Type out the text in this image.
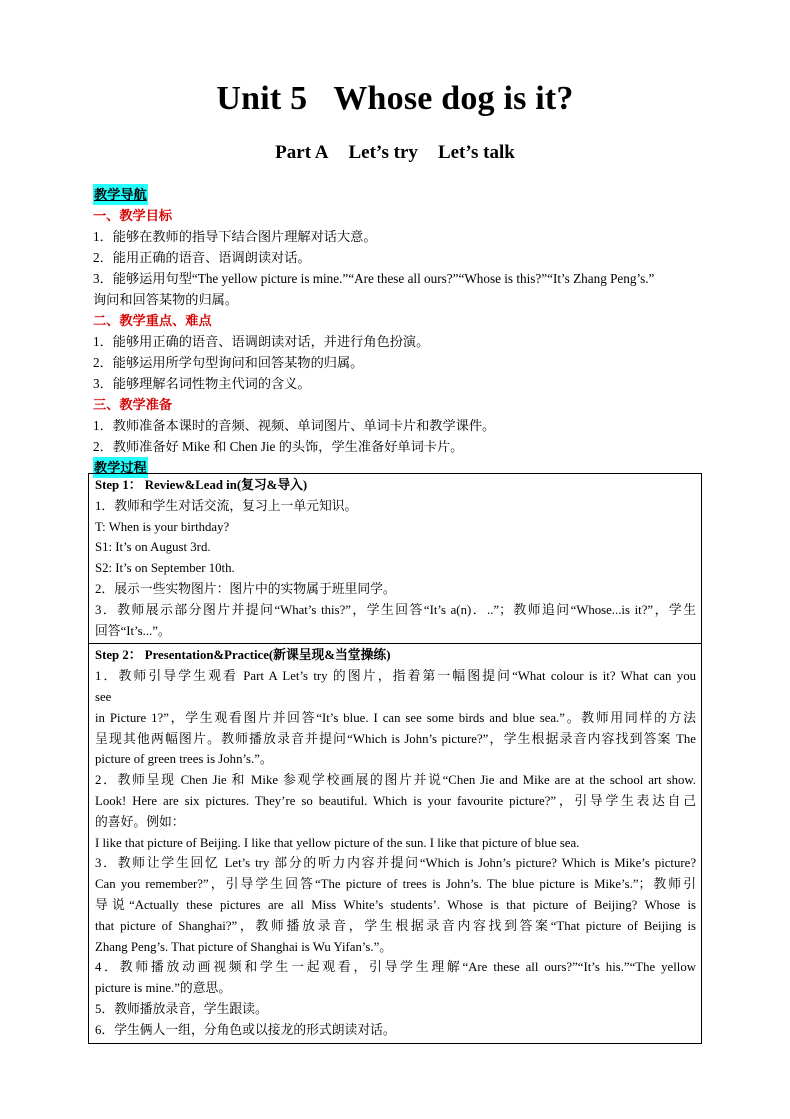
Unit 5 Whose dog is it?
Part A Let’s try Let’s talk
教学导航
一、教学目标
1．能够在教师的指导下结合图片理解对话大意。
2．能用正确的语音、语调朗读对话。
3．能够运用句型“The yellow picture is mine.”“Are these all ours?”“Whose is this?”“It’s Zhang Peng’s.”
询问和回答某物的归属。
二、教学重点、难点
1．能够用正确的语音、语调朗读对话，并进行角色扮演。
2．能够运用所学句型询问和回答某物的归属。
3．能够理解名词性物主代词的含义。
三、教学准备
1．教师准备本课时的音频、视频、单词图片、单词卡片和教学课件。
2．教师准备好 Mike 和 Chen Jie 的头饰，学生准备好单词卡片。
教学过程
Step 1： Review&Lead in(复习&导入)
1．教师和学生对话交流，复习上一单元知识。
T: When is your birthday?
S1: It’s on August 3rd.
S2: It’s on September 10th.
2．展示一些实物图片：图片中的实物属于班里同学。
3．教师展示部分图片并提问“What’s this?”，学生回答“It’s a(n)．..”；教师追问“Whose...is it?”，学生
回答“It’s...”。

Step 2： Presentation&Practice(新课呈现&当堂操练)
1．教师引导学生观看 Part A Let’s try 的图片，指着第一幅图提问“What colour is it? What can you
see
in Picture 1?”，学生观看图片并回答“It’s blue. I can see some birds and blue sea.”。教师用同样的方法
呈现其他两幅图片。教师播放录音并提问“Which is John’s picture?”，学生根据录音内容找到答案 The
picture of green trees is John’s.”。
2．教师呈现 Chen Jie 和 Mike 参观学校画展的图片并说“Chen Jie and Mike are at the school art show.
Look! Here are six pictures. They’re so beautiful. Which is your favourite picture?”，引导学生表达自己
的喜好。例如：
I like that picture of Beijing. I like that yellow picture of the sun. I like that picture of blue sea.
3．教师让学生回忆 Let’s try 部分的听力内容并提问“Which is John’s picture? Which is Mike’s picture?
Can you remember?”，引导学生回答“The picture of trees is John’s. The blue picture is Mike’s.”；教师引
导说“Actually these pictures are all Miss White’s students’. Whose is that picture of Beijing? Whose is
that picture of Shanghai?”，教师播放录音，学生根据录音内容找到答案“That picture of Beijing is
Zhang Peng’s. That picture of Shanghai is Wu Yifan’s.”。
4．教师播放动画视频和学生一起观看，引导学生理解“Are these all ours?”“It’s his.”“The yellow
picture is mine.”的意思。
5．教师播放录音，学生跟读。
6．学生俩人一组，分角色或以接龙的形式朗读对话。
